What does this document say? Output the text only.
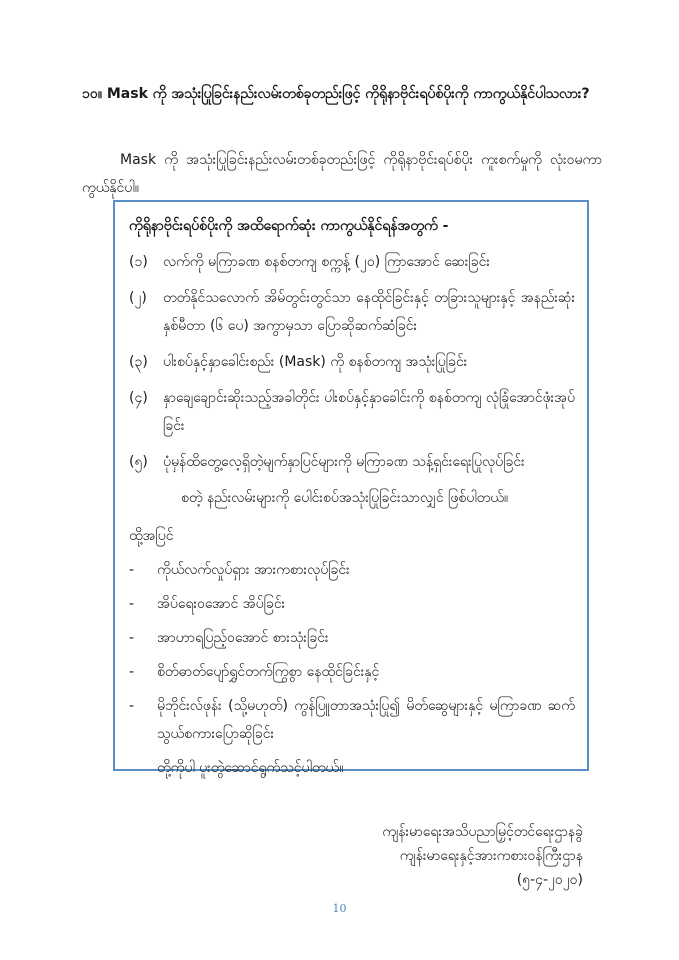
၁၀။ Mask ကို အသုံးပြုခြင်းနည်းလမ်းတစ်ခုတည်းဖြင့် ကိုရိုနာဗိုင်းရပ်စ်ပိုးကို ကာကွယ်နိုင်ပါသလား?
Mask ကို အသုံးပြုခြင်းနည်းလမ်းတစ်ခုတည်းဖြင့် ကိုရိုနာဗိုင်းရပ်စ်ပိုး ကူးစက်မှုကို လုံးဝမကာကွယ်နိုင်ပါ။
ကိုရိုနာဗိုင်းရပ်စ်ပိုးကို အထိရောက်ဆုံး ကာကွယ်နိုင်ရန်အတွက် -
(၁)	လက်ကို မကြာခဏ စနစ်တကျ စက္ကန့် (၂၀) ကြာအောင် ဆေးခြင်း
(၂)	တတ်နိုင်သလောက် အိမ်တွင်းတွင်သာ နေထိုင်ခြင်းနှင့် တခြားသူများနှင့် အနည်းဆုံး နှစ်မီတာ (၆ ပေ) အကွာမှသာ ပြောဆိုဆက်ဆံခြင်း
(၃)	ပါးစပ်နှင့်နှာခေါင်းစည်း (Mask) ကို စနစ်တကျ အသုံးပြုခြင်း
(၄)	နှာချေချောင်းဆိုးသည့်အခါတိုင်း ပါးစပ်နှင့်နှာခေါင်းကို စနစ်တကျ လုံခြုံအောင်ဖုံးအုပ်ခြင်း
(၅)	ပုံမှန်ထိတွေ့လေ့ရှိတဲ့မျက်နှာပြင်များကို မကြာခဏ သန့်ရှင်းရေးပြုလုပ်ခြင်း
စတဲ့ နည်းလမ်းများကို ပေါင်းစပ်အသုံးပြုခြင်းသာလျှင် ဖြစ်ပါတယ်။
ထို့အပြင်
-	ကိုယ်လက်လှုပ်ရှား အားကစားလုပ်ခြင်း
-	အိပ်ရေးဝအောင် အိပ်ခြင်း
-	အာဟာရပြည့်ဝအောင် စားသုံးခြင်း
-	စိတ်ဓာတ်ပျော်ရွှင်တက်ကြွစွာ နေထိုင်ခြင်းနှင့်
-	မိုဘိုင်းလ်ဖုန်း (သို့မဟုတ်) ကွန်ပြူတာအသုံးပြု၍ မိတ်ဆွေများနှင့် မကြာခဏ ဆက်သွယ်စကားပြောဆိုခြင်း
တို့ကိုပါ ပူးတွဲဆောင်ရွက်သင့်ပါတယ်။
ကျန်းမာရေးအသိပညာမြှင့်တင်ရေးဌာနခွဲ
ကျန်းမာရေးနှင့်အားကစားဝန်ကြီးဌာန
(၅-၄-၂၀၂၀)
10
